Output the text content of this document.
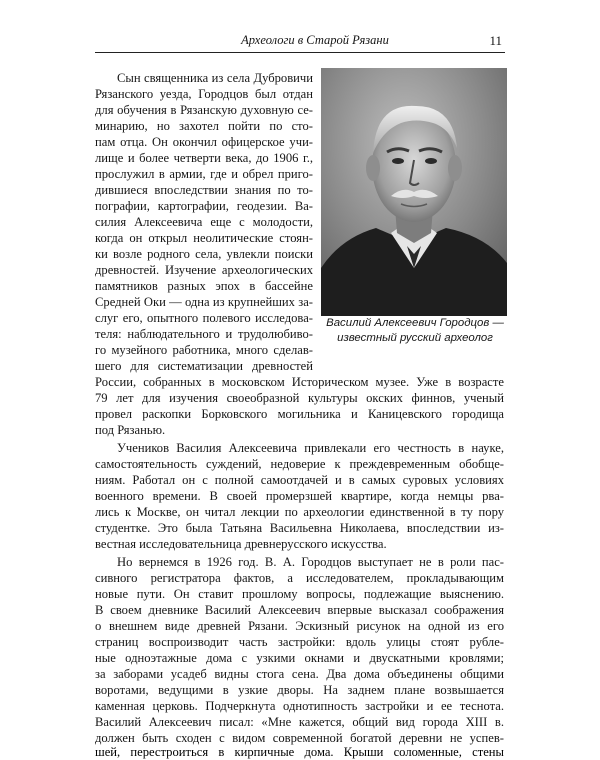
Археологи в Старой Рязани	11
Василий Алексеевич Городцов —
известный русский археолог
Сын священника из села Дубровичи
Рязанского уезда, Городцов был отдан
для обучения в Рязанскую духовную се-
минарию, но захотел пойти по сто-
пам отца. Он окончил офицерское учи-
лище и более четверти века, до 1906 г.,
прослужил в армии, где и обрел приго-
дившиеся впоследствии знания по то-
пографии, картографии, геодезии. Ва-
силия Алексеевича еще с молодости,
когда он открыл неолитические стоян-
ки возле родного села, увлекли поиски
древностей. Изучение археологических
памятников разных эпох в бассейне
Средней Оки — одна из крупнейших за-
слуг его, опытного полевого исследова-
теля: наблюдательного и трудолюбиво-
го музейного работника, много сделав-
шего для систематизации древностей
России, собранных в московском Историческом музее. Уже в возрасте
79 лет для изучения своеобразной культуры окских финнов, ученый
провел раскопки Борковского могильника и Каницевского городища
под Рязанью.
Учеников Василия Алексеевича привлекали его честность в науке,
самостоятельность суждений, недоверие к преждевременным обобще-
ниям. Работал он с полной самоотдачей и в самых суровых условиях
военного времени. В своей промерзшей квартире, когда немцы рва-
лись к Москве, он читал лекции по археологии единственной в ту пору
студентке. Это была Татьяна Васильевна Николаева, впоследствии из-
вестная исследовательница древнерусского искусства.
Но вернемся в 1926 год. В. А. Городцов выступает не в роли пас-
сивного регистратора фактов, а исследователем, прокладывающим
новые пути. Он ставит прошлому вопросы, подлежащие выяснению.
В своем дневнике Василий Алексеевич впервые высказал соображения
о внешнем виде древней Рязани. Эскизный рисунок на одной из его
страниц воспроизводит часть застройки: вдоль улицы стоят рубле-
ные одноэтажные дома с узкими окнами и двускатными кровлями;
за заборами усадеб видны стога сена. Два дома объединены общими
воротами, ведущими в узкие дворы. На заднем плане возвышается
каменная церковь. Подчеркнута однотипность застройки и ее теснота.
Василий Алексеевич писал: «Мне кажется, общий вид города XIII в.
должен быть сходен с видом современной богатой деревни не успев-
шей, перестроиться в кирпичные дома. Крыши соломенные, стены
